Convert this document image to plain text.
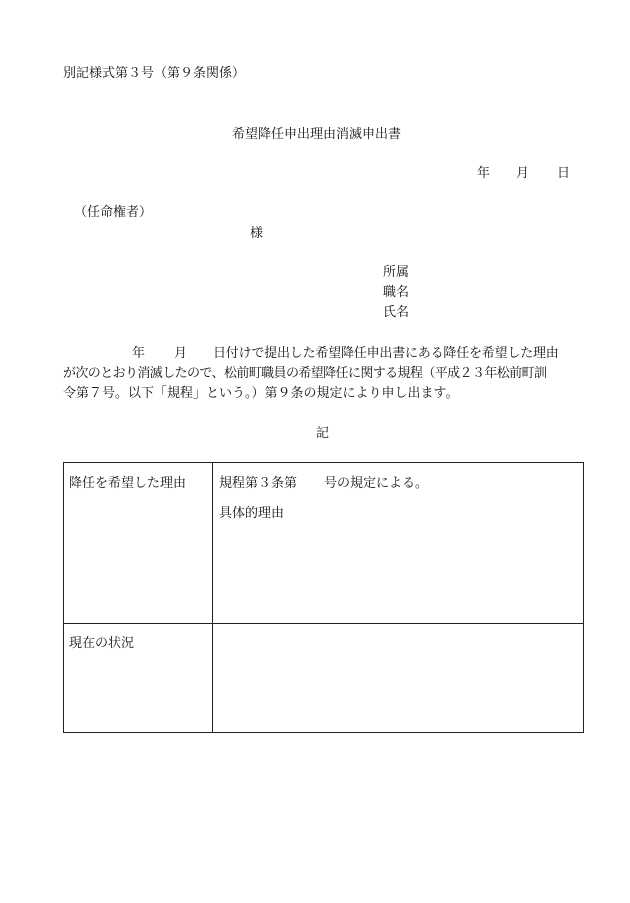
別記様式第３号（第９条関係）
希望降任申出理由消滅申出書
年 月 日
（任命権者）
様
所属
職名
氏名
年 月 日付けで提出した希望降任申出書にある降任を希望した理由
が次のとおり消滅したので、松前町職員の希望降任に関する規程（平成２３年松前町訓
令第７号。以下「規程」という。）第９条の規定により申し出ます。
記
降任を希望した理由	規程第３条第 号の規定による。
具体的理由
現在の状況
